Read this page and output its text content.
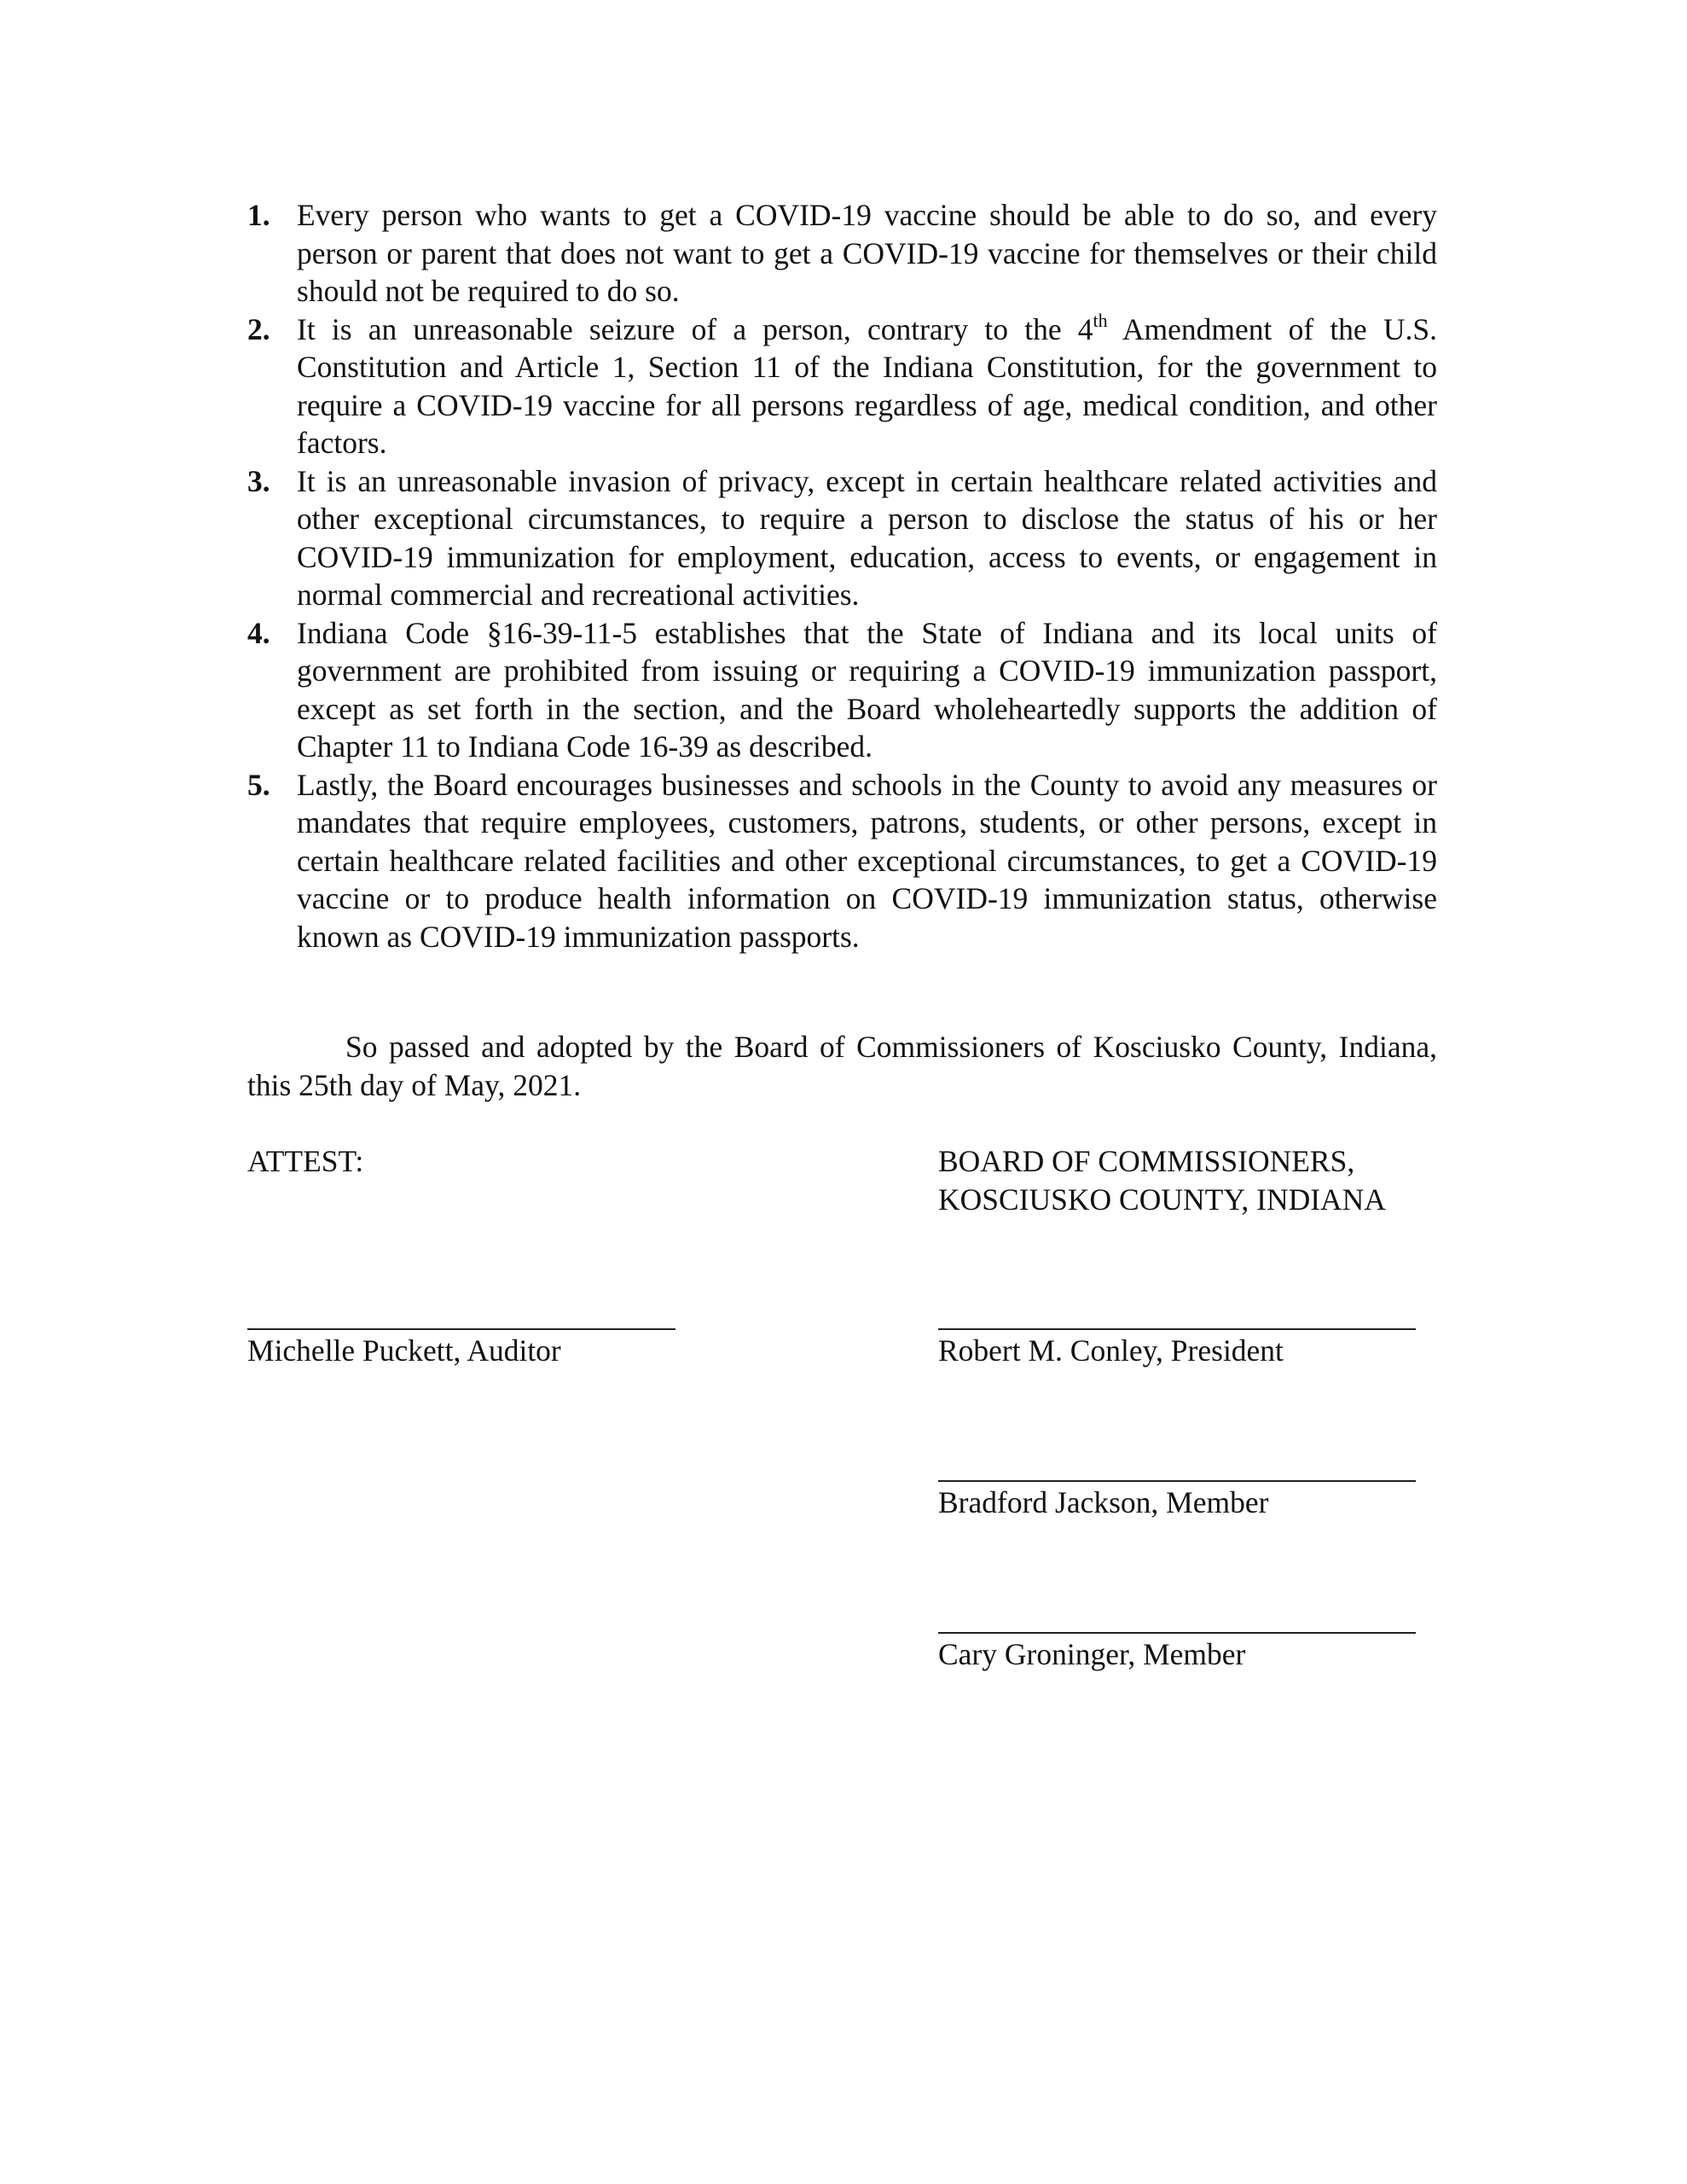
1. Every person who wants to get a COVID-19 vaccine should be able to do so, and every person or parent that does not want to get a COVID-19 vaccine for themselves or their child should not be required to do so.
2. It is an unreasonable seizure of a person, contrary to the 4th Amendment of the U.S. Constitution and Article 1, Section 11 of the Indiana Constitution, for the government to require a COVID-19 vaccine for all persons regardless of age, medical condition, and other factors.
3. It is an unreasonable invasion of privacy, except in certain healthcare related activities and other exceptional circumstances, to require a person to disclose the status of his or her COVID-19 immunization for employment, education, access to events, or engagement in normal commercial and recreational activities.
4. Indiana Code §16-39-11-5 establishes that the State of Indiana and its local units of government are prohibited from issuing or requiring a COVID-19 immunization passport, except as set forth in the section, and the Board wholeheartedly supports the addition of Chapter 11 to Indiana Code 16-39 as described.
5. Lastly, the Board encourages businesses and schools in the County to avoid any measures or mandates that require employees, customers, patrons, students, or other persons, except in certain healthcare related facilities and other exceptional circumstances, to get a COVID-19 vaccine or to produce health information on COVID-19 immunization status, otherwise known as COVID-19 immunization passports.

So passed and adopted by the Board of Commissioners of Kosciusko County, Indiana, this 25th day of May, 2021.

ATTEST:	BOARD OF COMMISSIONERS,
KOSCIUSKO COUNTY, INDIANA
Michelle Puckett, Auditor	Robert M. Conley, President
Bradford Jackson, Member
Cary Groninger, Member
